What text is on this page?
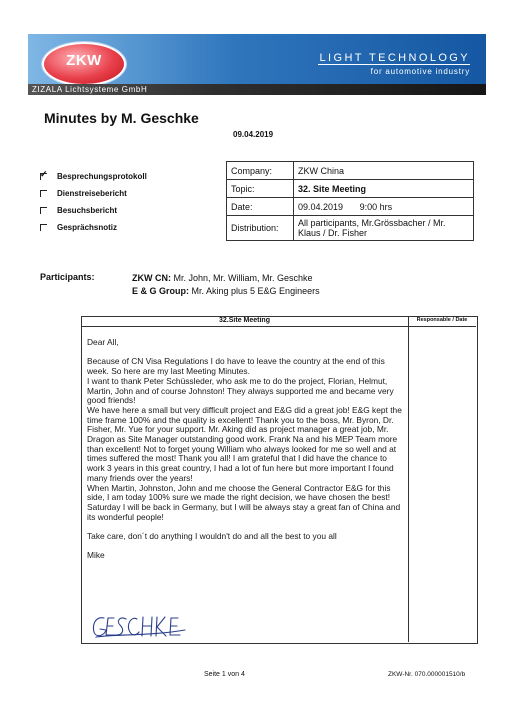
ZKW	LIGHT TECHNOLOGY
for automotive industry
ZIZALA Lichtsysteme GmbH
Minutes by M. Geschke
09.04.2019
✓ Besprechungsprotokoll
Dienstreisebericht
Besuchsbericht
Gesprächsnotiz
Company:	ZKW China
Topic:	32. Site Meeting
Date:	09.04.2019 9:00 hrs
Distribution:	All participants, Mr.Grössbacher / Mr. Klaus / Dr. Fisher
Participants:	ZKW CN: Mr. John, Mr. William, Mr. Geschke
E & G Group: Mr. Aking plus 5 E&G Engineers
32.Site Meeting	Responsable / Date

Dear All,

Because of CN Visa Regulations I do have to leave the country at the end of this week. So here are my last Meeting Minutes.

I want to thank Peter Schüssleder, who ask me to do the project, Florian, Helmut, Martin, John and of course Johnston! They always supported me and became very good friends!

We have here a small but very difficult project and E&G did a great job! E&G kept the time frame 100% and the quality is excellent! Thank you to the boss, Mr. Byron, Dr. Fisher, Mr. Yue for your support. Mr. Aking did as project manager a great job, Mr. Dragon as Site Manager outstanding good work. Frank Na and his MEP Team more than excellent! Not to forget young William who always looked for me so well and at times suffered the most! Thank you all! I am grateful that I did have the chance to work 3 years in this great country, I had a lot of fun here but more important I found many friends over the years!

When Martin, Johnston, John and me choose the General Contractor E&G for this side, I am today 100% sure we made the right decision, we have chosen the best!

Saturday I will be back in Germany, but I will be always stay a great fan of China and its wonderful people!

Take care, don´t do anything I wouldn't do and all the best to you all

Mike

Seite 1 von 4	ZKW-Nr. 070.000001510/b
